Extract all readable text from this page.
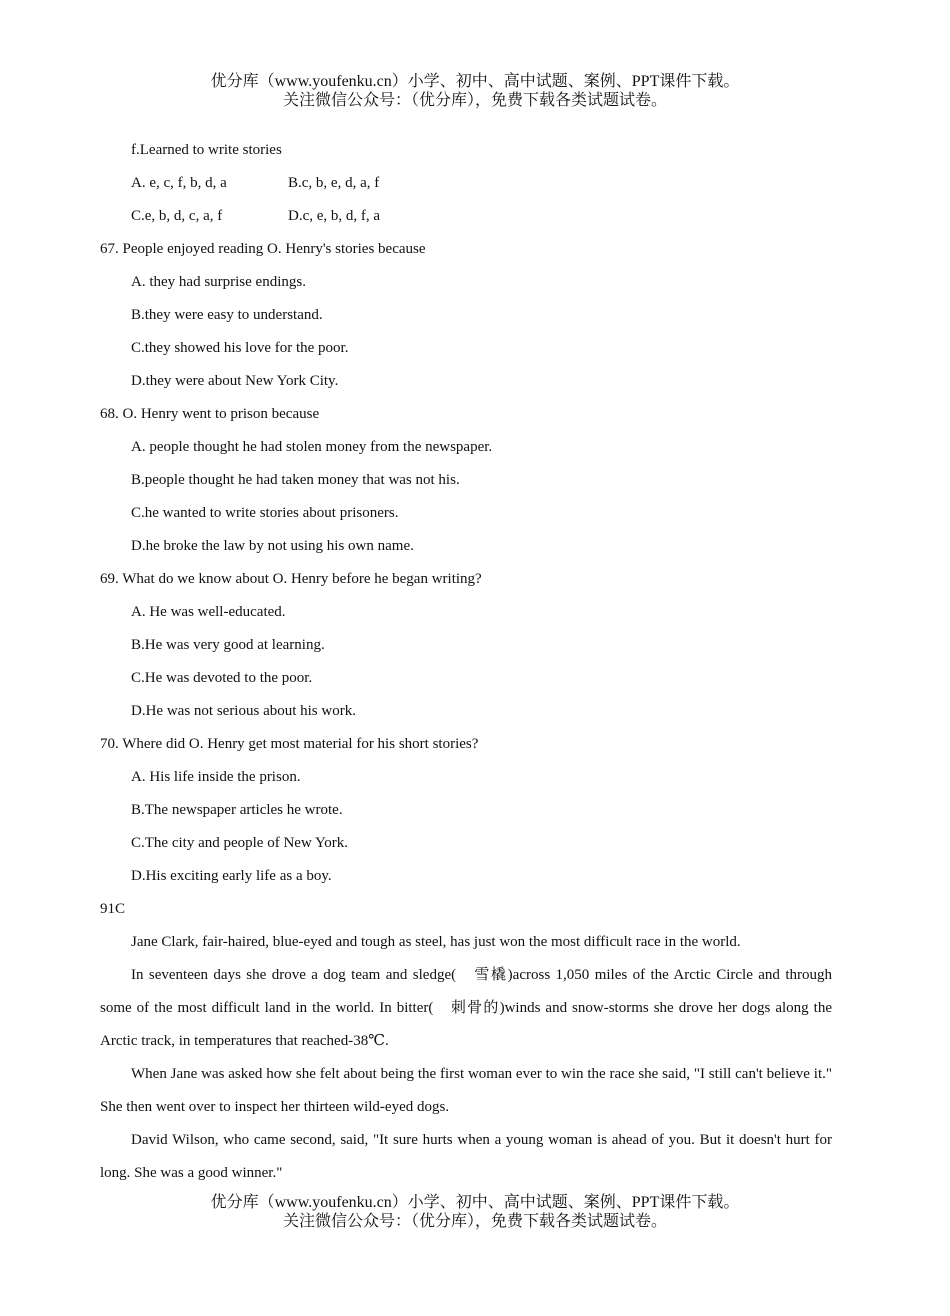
优分库（www.youfenku.cn）小学、初中、高中试题、案例、PPT课件下载。
关注微信公众号：（优分库），免费下载各类试题试卷。
f.Learned to write stories
A. e, c, f, b, d, a	B.c, b, e, d, a, f
C.e, b, d, c, a, f	D.c, e, b, d, f, a
67. People enjoyed reading O. Henry's stories because
A. they had surprise endings.
B.they were easy to understand.
C.they showed his love for the poor.
D.they were about New York City.
68. O. Henry went to prison because
A. people thought he had stolen money from the newspaper.
B.people thought he had taken money that was not his.
C.he wanted to write stories about prisoners.
D.he broke the law by not using his own name.
69. What do we know about O. Henry before he began writing?
A. He was well-educated.
B.He was very good at learning.
C.He was devoted to the poor.
D.He was not serious about his work.
70. Where did O. Henry get most material for his short stories?
A. His life inside the prison.
B.The newspaper articles he wrote.
C.The city and people of New York.
D.His exciting early life as a boy.
91C
Jane Clark, fair-haired, blue-eyed and tough as steel, has just won the most difficult race in the world.
In seventeen days she drove a dog team and sledge(　雪橇)across 1,050 miles of the Arctic Circle and through some of the most difficult land in the world. In bitter(　刺骨的)winds and snow-storms she drove her dogs along the Arctic track, in temperatures that reached-38℃.
When Jane was asked how she felt about being the first woman ever to win the race she said, "I still can't believe it." She then went over to inspect her thirteen wild-eyed dogs.
David Wilson, who came second, said, "It sure hurts when a young woman is ahead of you. But it doesn't hurt for long. She was a good winner."
优分库（www.youfenku.cn）小学、初中、高中试题、案例、PPT课件下载。
关注微信公众号：（优分库），免费下载各类试题试卷。
